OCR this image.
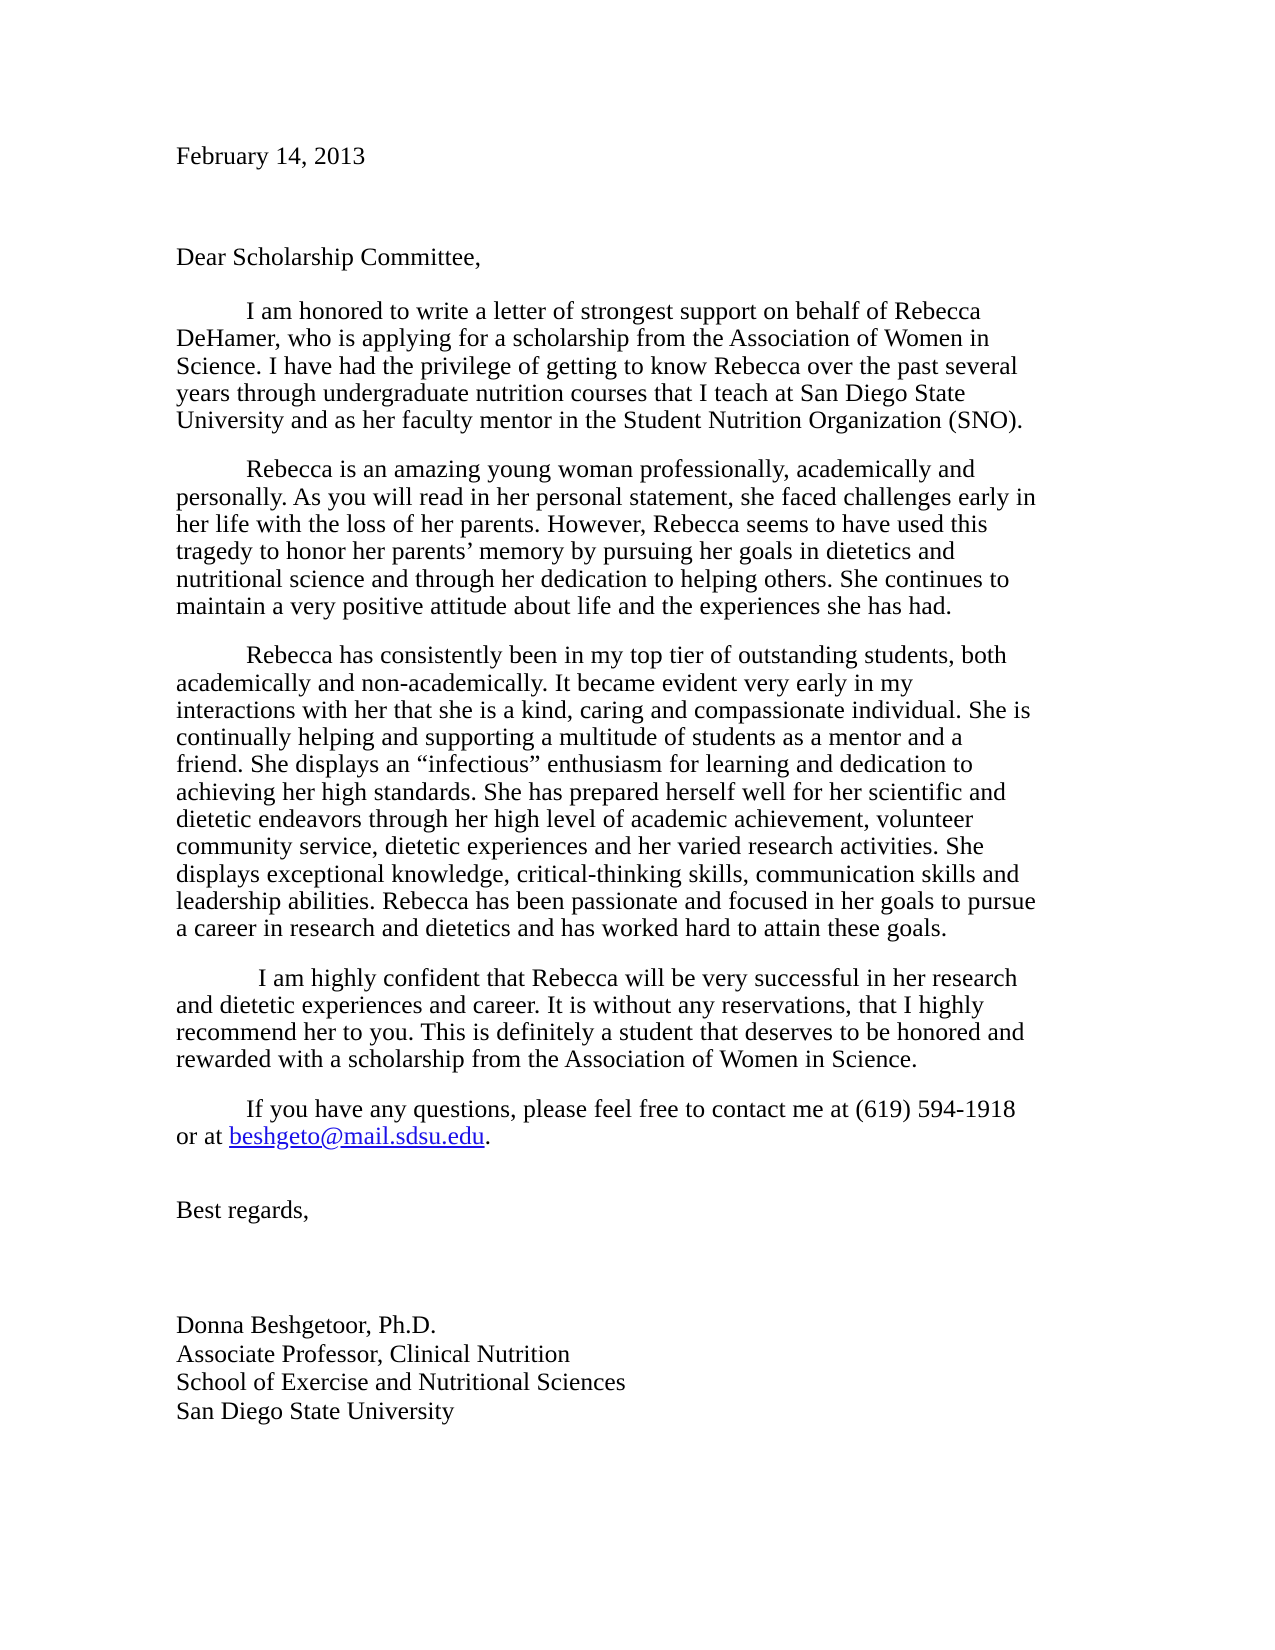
February 14, 2013
Dear Scholarship Committee,

I am honored to write a letter of strongest support on behalf of Rebecca DeHamer, who is applying for a scholarship from the Association of Women in Science. I have had the privilege of getting to know Rebecca over the past several years through undergraduate nutrition courses that I teach at San Diego State University and as her faculty mentor in the Student Nutrition Organization (SNO).

Rebecca is an amazing young woman professionally, academically and personally. As you will read in her personal statement, she faced challenges early in her life with the loss of her parents. However, Rebecca seems to have used this tragedy to honor her parents’ memory by pursuing her goals in dietetics and nutritional science and through her dedication to helping others. She continues to maintain a very positive attitude about life and the experiences she has had.

Rebecca has consistently been in my top tier of outstanding students, both academically and non-academically. It became evident very early in my interactions with her that she is a kind, caring and compassionate individual. She is continually helping and supporting a multitude of students as a mentor and a friend. She displays an “infectious” enthusiasm for learning and dedication to achieving her high standards. She has prepared herself well for her scientific and dietetic endeavors through her high level of academic achievement, volunteer community service, dietetic experiences and her varied research activities. She displays exceptional knowledge, critical-thinking skills, communication skills and leadership abilities. Rebecca has been passionate and focused in her goals to pursue a career in research and dietetics and has worked hard to attain these goals.

I am highly confident that Rebecca will be very successful in her research and dietetic experiences and career. It is without any reservations, that I highly recommend her to you. This is definitely a student that deserves to be honored and rewarded with a scholarship from the Association of Women in Science.

If you have any questions, please feel free to contact me at (619) 594-1918 or at beshgeto@mail.sdsu.edu.

Best regards,
Donna Beshgetoor, Ph.D.
Associate Professor, Clinical Nutrition
School of Exercise and Nutritional Sciences
San Diego State University
